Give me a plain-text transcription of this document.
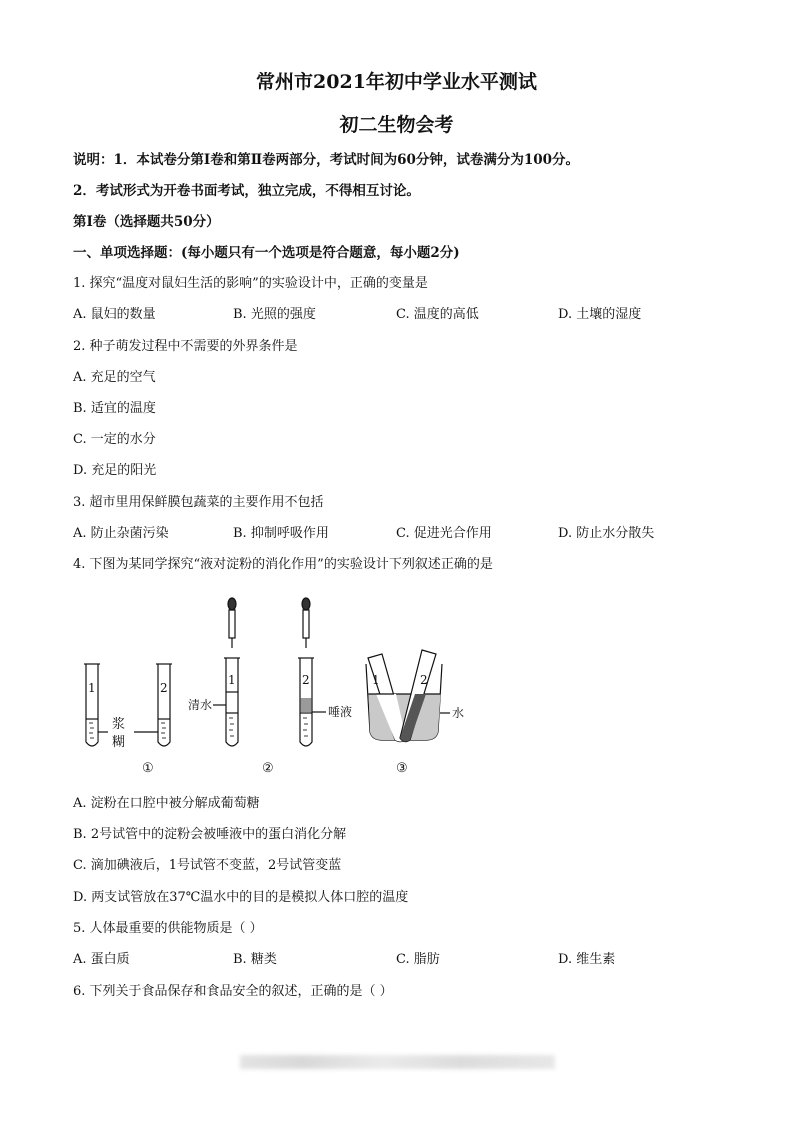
常州市2021年初中学业水平测试
初二生物会考
说明：1．本试卷分第Ⅰ卷和第Ⅱ卷两部分，考试时间为60分钟，试卷满分为100分。
2．考试形式为开卷书面考试，独立完成，不得相互讨论。
第Ⅰ卷（选择题共50分）
一、单项选择题：(每小题只有一个选项是符合题意，每小题2分)
1. 探究“温度对鼠妇生活的影响”的实验设计中，正确的变量是
A. 鼠妇的数量	B. 光照的强度	C. 温度的高低	D. 土壤的湿度
2. 种子萌发过程中不需要的外界条件是
A. 充足的空气
B. 适宜的温度
C. 一定的水分
D. 充足的阳光
3. 超市里用保鲜膜包蔬菜的主要作用不包括
A. 防止杂菌污染	B. 抑制呼吸作用	C. 促进光合作用	D. 防止水分散失
4. 下图为某同学探究“液对淀粉的消化作用”的实验设计下列叙述正确的是
1	2
浆
糊
1
清水
2
唾液
1	2
水
①	②	③
A. 淀粉在口腔中被分解成葡萄糖
B. 2号试管中的淀粉会被唾液中的蛋白消化分解
C. 滴加碘液后，1号试管不变蓝，2号试管变蓝
D. 两支试管放在37℃温水中的目的是模拟人体口腔的温度
5. 人体最重要的供能物质是（ ）
A. 蛋白质	B. 糖类	C. 脂肪	D. 维生素
6. 下列关于食品保存和食品安全的叙述，正确的是（ ）
